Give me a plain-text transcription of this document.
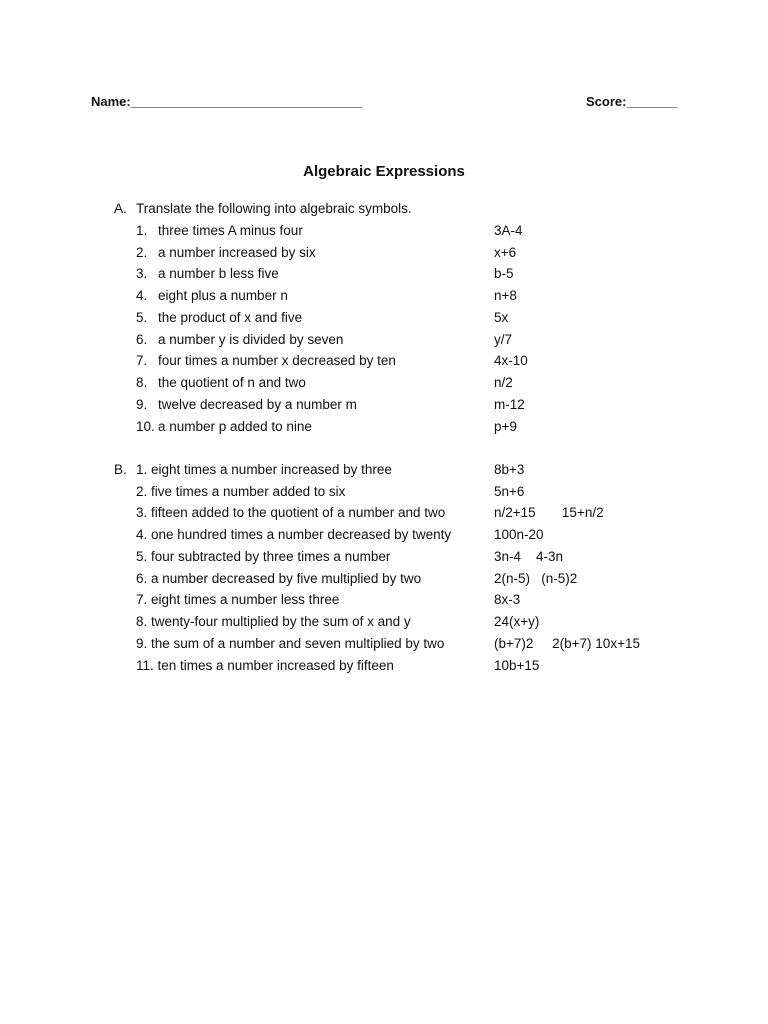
Name:________________________________	Score:_______
Algebraic Expressions
A. Translate the following into algebraic symbols.
1. three times A minus four	3A-4
2. a number increased by six	x+6
3. a number b less five	b-5
4. eight plus a number n	n+8
5. the product of x and five	5x
6. a number y is divided by seven	y/7
7. four times a number x decreased by ten	4x-10
8. the quotient of n and two	n/2
9. twelve decreased by a number m	m-12
10. a number p added to nine	p+9
B. 1. eight times a number increased by three	8b+3
2. five times a number added to six	5n+6
3. fifteen added to the quotient of a number and two	n/2+15       15+n/2
4. one hundred times a number decreased by twenty	100n-20
5. four subtracted by three times a number	3n-4    4-3n
6. a number decreased by five multiplied by two	2(n-5)   (n-5)2
7. eight times a number less three	8x-3
8. twenty-four multiplied by the sum of x and y	24(x+y)
9. the sum of a number and seven multiplied by two	(b+7)2     2(b+7) 10x+15
11. ten times a number increased by fifteen	10b+15
